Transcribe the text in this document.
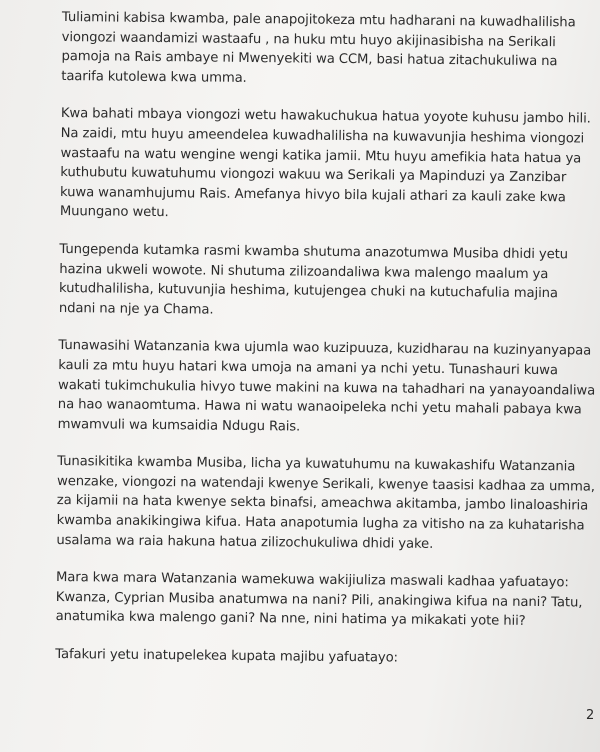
Tuliamini kabisa kwamba, pale anapojitokeza mtu hadharani na kuwadhalilisha
viongozi waandamizi wastaafu , na huku mtu huyo akijinasibisha na Serikali
pamoja na Rais ambaye ni Mwenyekiti wa CCM, basi hatua zitachukuliwa na
taarifa kutolewa kwa umma.

Kwa bahati mbaya viongozi wetu hawakuchukua hatua yoyote kuhusu jambo hili.
Na zaidi, mtu huyu ameendelea kuwadhalilisha na kuwavunjia heshima viongozi
wastaafu na watu wengine wengi katika jamii. Mtu huyu amefikia hata hatua ya
kuthubutu kuwatuhumu viongozi wakuu wa Serikali ya Mapinduzi ya Zanzibar
kuwa wanamhujumu Rais. Amefanya hivyo bila kujali athari za kauli zake kwa
Muungano wetu.

Tungependa kutamka rasmi kwamba shutuma anazotumwa Musiba dhidi yetu
hazina ukweli wowote. Ni shutuma zilizoandaliwa kwa malengo maalum ya
kutudhalilisha, kutuvunjia heshima, kutujengea chuki na kutuchafulia majina
ndani na nje ya Chama.

Tunawasihi Watanzania kwa ujumla wao kuzipuuza, kuzidharau na kuzinyanyapaa
kauli za mtu huyu hatari kwa umoja na amani ya nchi yetu. Tunashauri kuwa
wakati tukimchukulia hivyo tuwe makini na kuwa na tahadhari na yanayoandaliwa
na hao wanaomtuma. Hawa ni watu wanaoipeleka nchi yetu mahali pabaya kwa
mwamvuli wa kumsaidia Ndugu Rais.

Tunasikitika kwamba Musiba, licha ya kuwatuhumu na kuwakashifu Watanzania
wenzake, viongozi na watendaji kwenye Serikali, kwenye taasisi kadhaa za umma,
za kijamii na hata kwenye sekta binafsi, ameachwa akitamba, jambo linaloashiria
kwamba anakikingiwa kifua. Hata anapotumia lugha za vitisho na za kuhatarisha
usalama wa raia hakuna hatua zilizochukuliwa dhidi yake.

Mara kwa mara Watanzania wamekuwa wakijiuliza maswali kadhaa yafuatayo:
Kwanza, Cyprian Musiba anatumwa na nani? Pili, anakingiwa kifua na nani? Tatu,
anatumika kwa malengo gani? Na nne, nini hatima ya mikakati yote hii?

Tafakuri yetu inatupelekea kupata majibu yafuatayo:

2
